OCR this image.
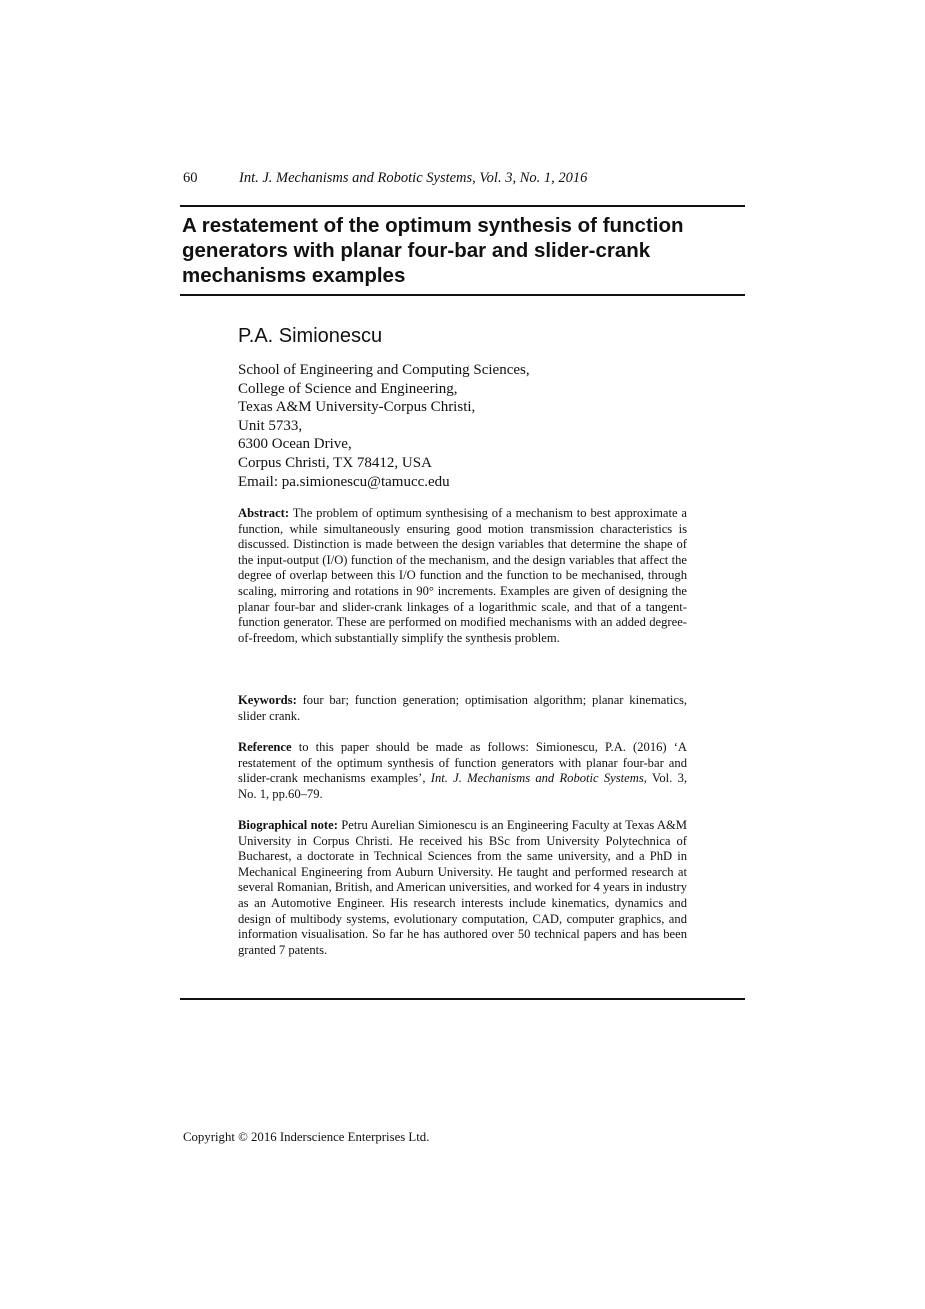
60	Int. J. Mechanisms and Robotic Systems, Vol. 3, No. 1, 2016
A restatement of the optimum synthesis of function generators with planar four-bar and slider-crank mechanisms examples
P.A. Simionescu
School of Engineering and Computing Sciences,
College of Science and Engineering,
Texas A&M University-Corpus Christi,
Unit 5733,
6300 Ocean Drive,
Corpus Christi, TX 78412, USA
Email: pa.simionescu@tamucc.edu

Abstract: The problem of optimum synthesising of a mechanism to best approximate a function, while simultaneously ensuring good motion transmission characteristics is discussed. Distinction is made between the design variables that determine the shape of the input-output (I/O) function of the mechanism, and the design variables that affect the degree of overlap between this I/O function and the function to be mechanised, through scaling, mirroring and rotations in 90° increments. Examples are given of designing the planar four-bar and slider-crank linkages of a logarithmic scale, and that of a tangent-function generator. These are performed on modified mechanisms with an added degree-of-freedom, which substantially simplify the synthesis problem.

Keywords: four bar; function generation; optimisation algorithm; planar kinematics, slider crank.

Reference to this paper should be made as follows: Simionescu, P.A. (2016) ‘A restatement of the optimum synthesis of function generators with planar four-bar and slider-crank mechanisms examples’, Int. J. Mechanisms and Robotic Systems, Vol. 3, No. 1, pp.60–79.

Biographical note: Petru Aurelian Simionescu is an Engineering Faculty at Texas A&M University in Corpus Christi. He received his BSc from University Polytechnica of Bucharest, a doctorate in Technical Sciences from the same university, and a PhD in Mechanical Engineering from Auburn University. He taught and performed research at several Romanian, British, and American universities, and worked for 4 years in industry as an Automotive Engineer. His research interests include kinematics, dynamics and design of multibody systems, evolutionary computation, CAD, computer graphics, and information visualisation. So far he has authored over 50 technical papers and has been granted 7 patents.

Copyright © 2016 Inderscience Enterprises Ltd.
